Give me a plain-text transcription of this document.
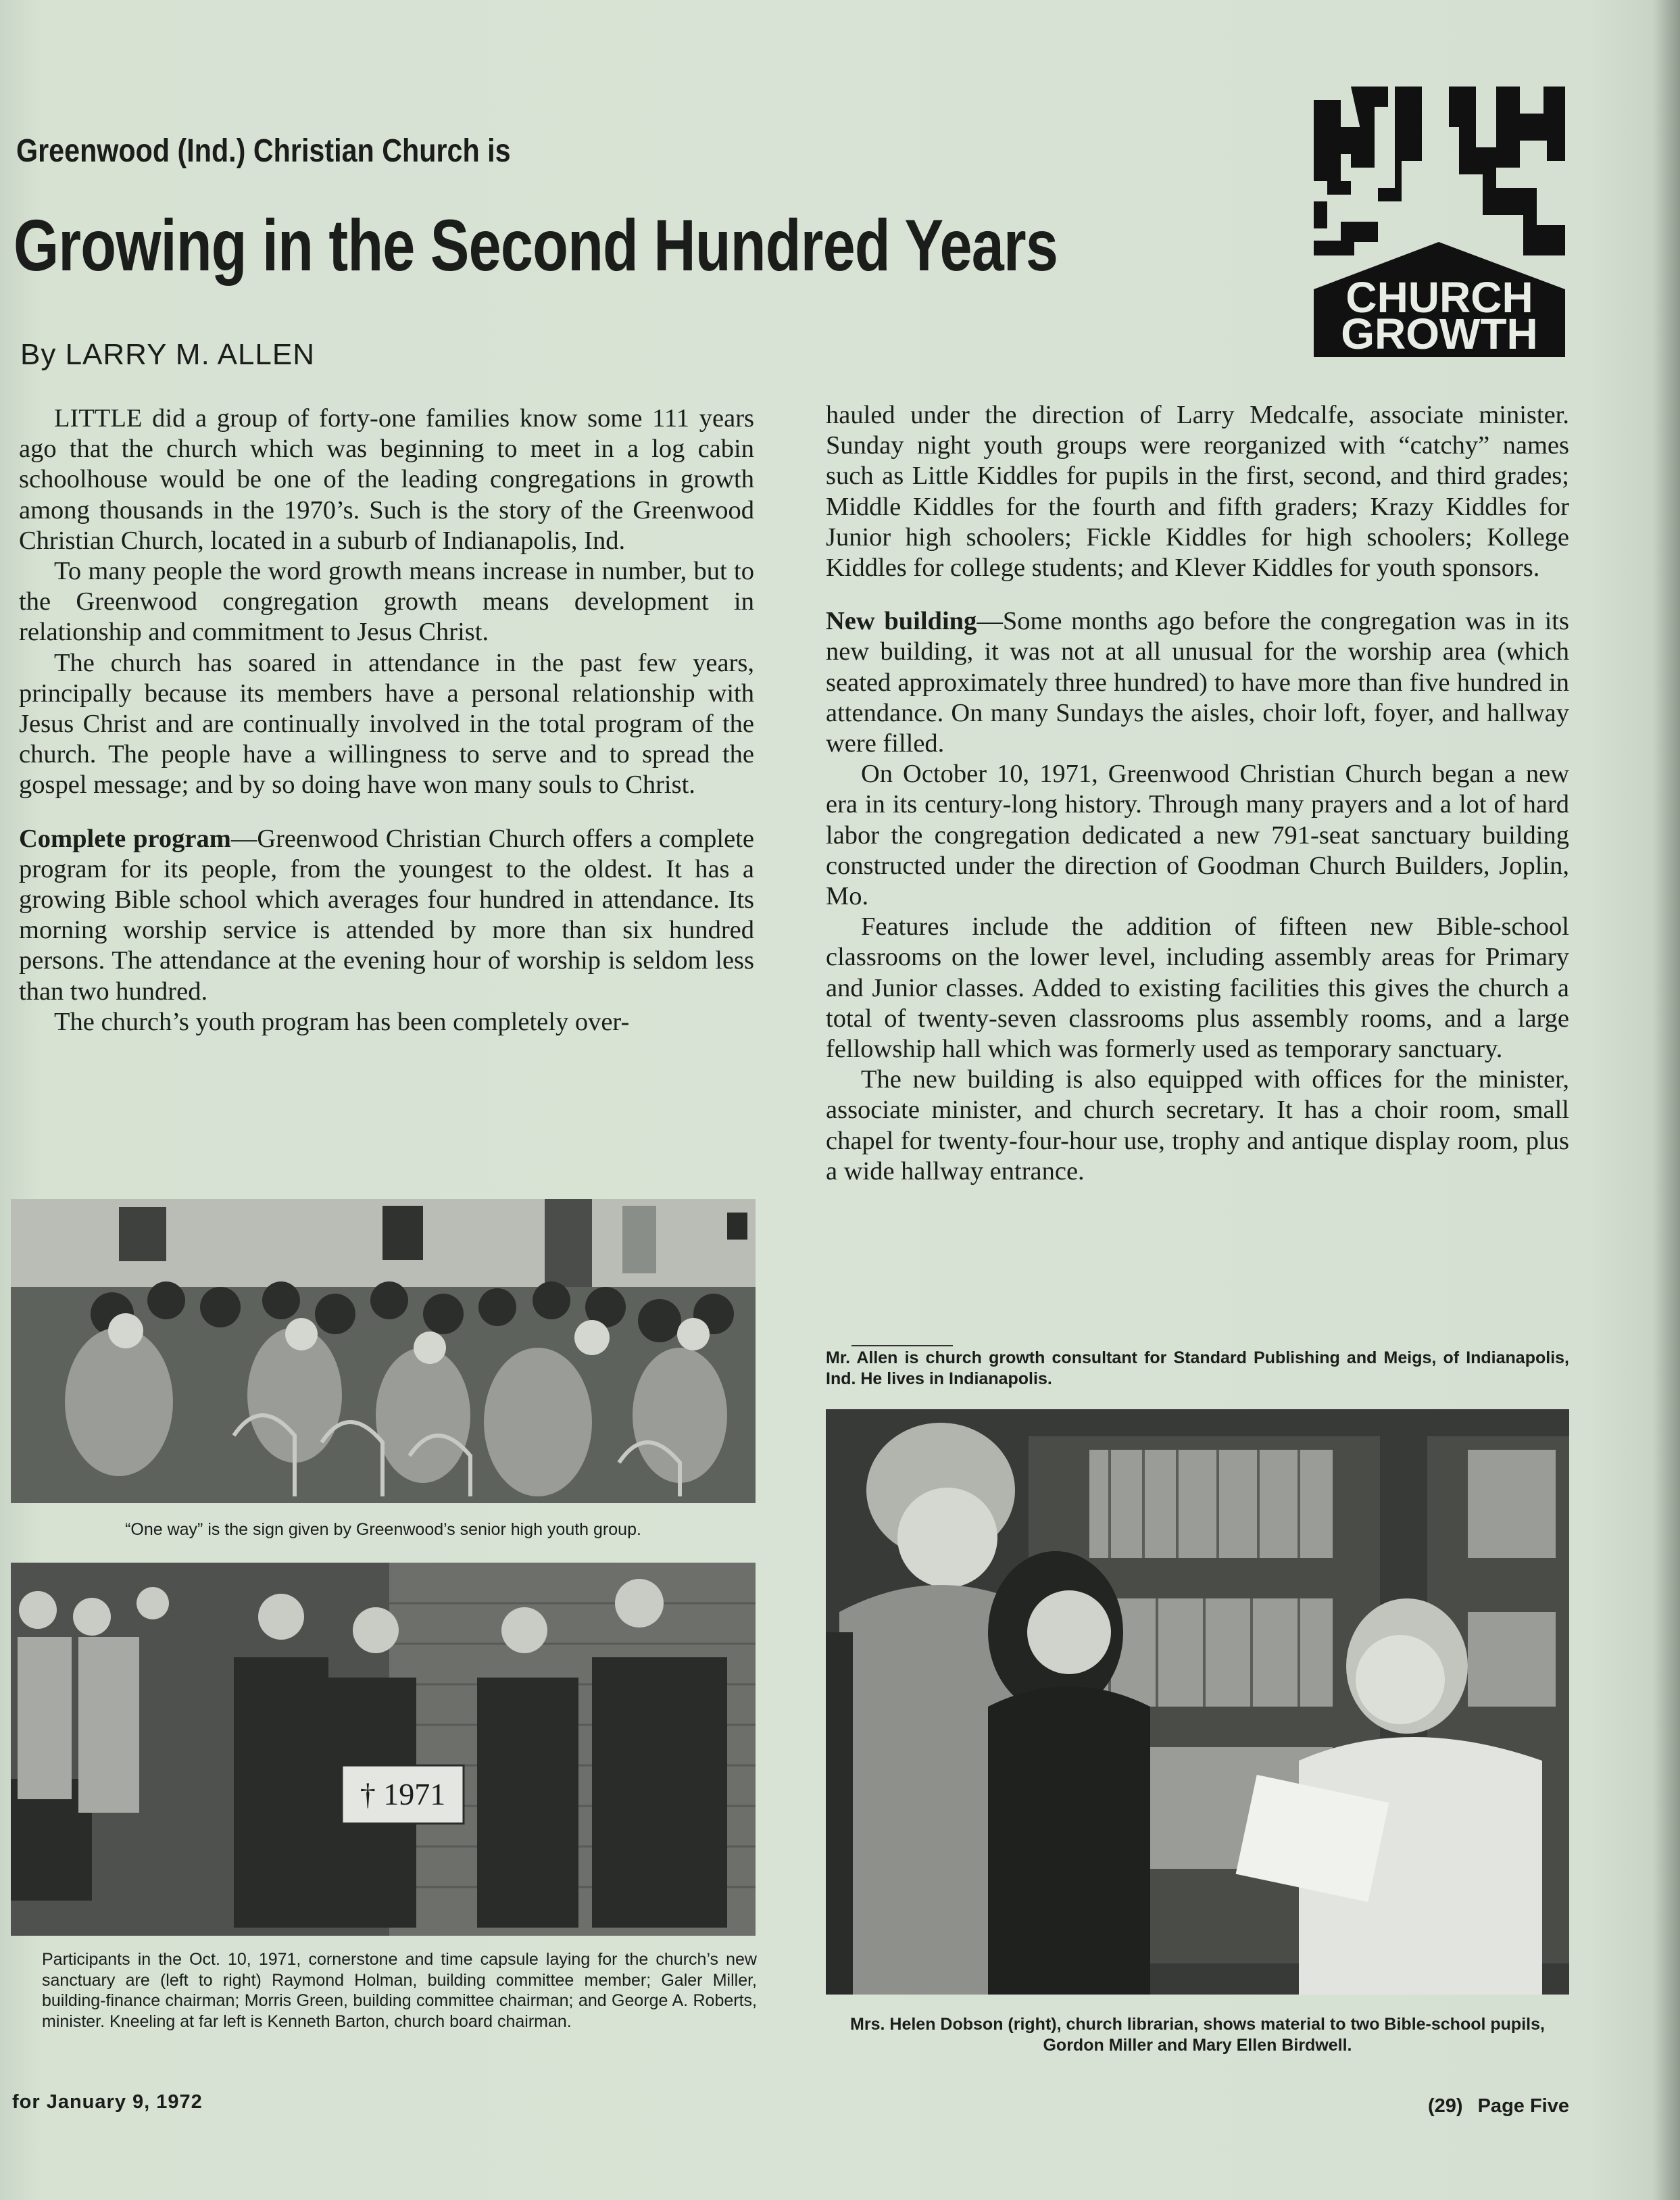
Greenwood (Ind.) Christian Church is
Growing in the Second Hundred Years
By LARRY M. ALLEN
CHURCH
GROWTH

LITTLE did a group of forty-one families know some 111 years ago that the church which was beginning to meet in a log cabin schoolhouse would be one of the leading congregations in growth among thousands in the 1970’s. Such is the story of the Greenwood Christian Church, located in a suburb of Indianapolis, Ind.

To many people the word growth means increase in number, but to the Greenwood congregation growth means development in relationship and commitment to Jesus Christ.

The church has soared in attendance in the past few years, principally because its members have a personal relationship with Jesus Christ and are continually involved in the total program of the church. The people have a willingness to serve and to spread the gospel message; and by so doing have won many souls to Christ.

Complete program—Greenwood Christian Church offers a complete program for its people, from the youngest to the oldest. It has a growing Bible school which averages four hundred in attendance. Its morning worship service is attended by more than six hundred persons. The attendance at the evening hour of worship is seldom less than two hundred.

The church’s youth program has been completely over-

hauled under the direction of Larry Medcalfe, associate minister. Sunday night youth groups were reorganized with “catchy” names such as Little Kiddles for pupils in the first, second, and third grades; Middle Kiddles for the fourth and fifth graders; Krazy Kiddles for Junior high schoolers; Fickle Kiddles for high schoolers; Kollege Kiddles for college students; and Klever Kiddles for youth sponsors.

New building—Some months ago before the congregation was in its new building, it was not at all unusual for the worship area (which seated approximately three hundred) to have more than five hundred in attendance. On many Sundays the aisles, choir loft, foyer, and hallway were filled.

On October 10, 1971, Greenwood Christian Church began a new era in its century-long history. Through many prayers and a lot of hard labor the congregation dedicated a new 791-seat sanctuary building constructed under the direction of Goodman Church Builders, Joplin, Mo.

Features include the addition of fifteen new Bible-school classrooms on the lower level, including assembly areas for Primary and Junior classes. Added to existing facilities this gives the church a total of twenty-seven classrooms plus assembly rooms, and a large fellowship hall which was formerly used as temporary sanctuary.

The new building is also equipped with offices for the minister, associate minister, and church secretary. It has a choir room, small chapel for twenty-four-hour use, trophy and antique display room, plus a wide hallway entrance.

Mr. Allen is church growth consultant for Standard Publishing and Meigs, of Indianapolis, Ind. He lives in Indianapolis.
“One way” is the sign given by Greenwood’s senior high youth group.
† 1971
Participants in the Oct. 10, 1971, cornerstone and time capsule laying for the church’s new sanctuary are (left to right) Raymond Holman, building committee member; Galer Miller, building-finance chairman; Morris Green, building committee chairman; and George A. Roberts, minister. Kneeling at far left is Kenneth Barton, church board chairman.	Mrs. Helen Dobson (right), church librarian, shows material to two Bible-school pupils, Gordon Miller and Mary Ellen Birdwell.
for January 9, 1972	(29) Page Five
